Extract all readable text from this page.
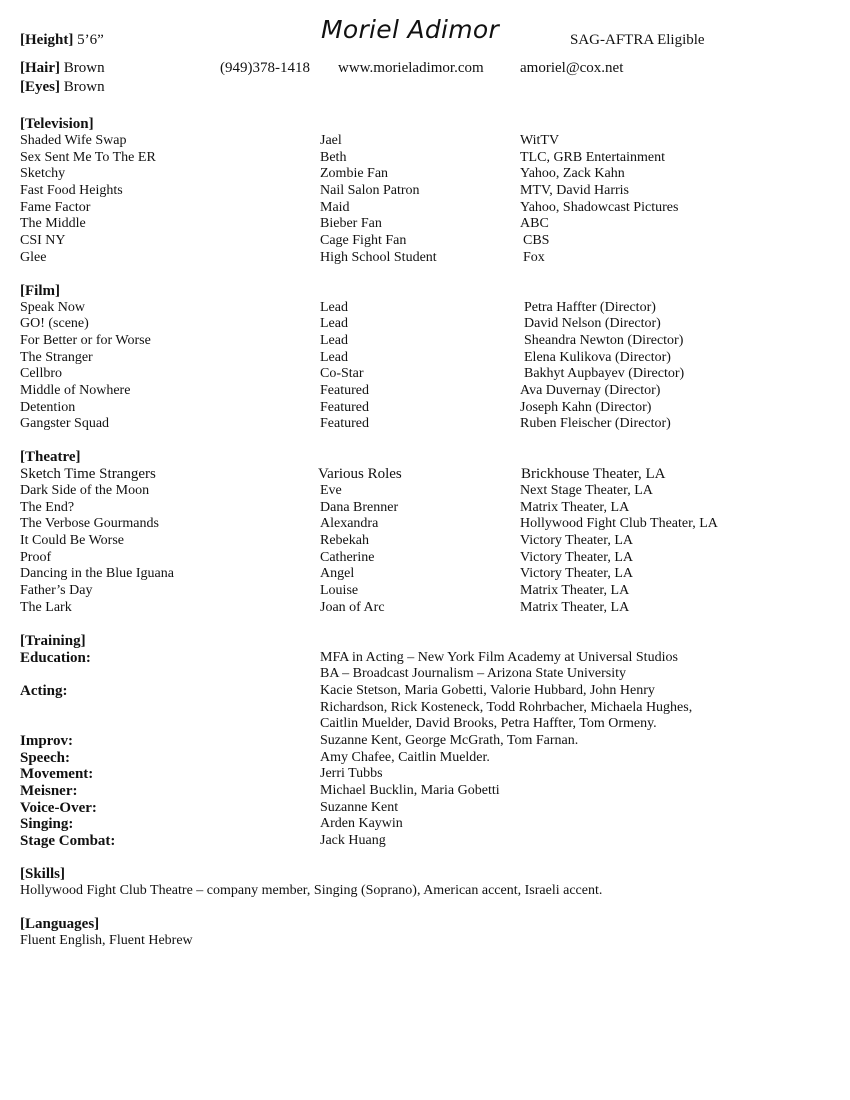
[Height] 5’6”	Moriel Adimor	SAG-AFTRA Eligible
[Hair] Brown	(949)378-1418 www.morieladimor.com amoriel@cox.net
[Eyes] Brown
[Television]
Shaded Wife Swap	Jael	WitTV
Sex Sent Me To The ER	Beth	TLC, GRB Entertainment
Sketchy	Zombie Fan	Yahoo, Zack Kahn
Fast Food Heights	Nail Salon Patron	MTV, David Harris
Fame Factor	Maid	Yahoo, Shadowcast Pictures
The Middle	Bieber Fan	ABC
CSI NY	Cage Fight Fan	CBS
Glee	High School Student	Fox
[Film]
Speak Now	Lead	Petra Haffter (Director)
GO! (scene)	Lead	David Nelson (Director)
For Better or for Worse	Lead	Sheandra Newton (Director)
The Stranger	Lead	Elena Kulikova (Director)
Cellbro	Co-Star	Bakhyt Aupbayev (Director)
Middle of Nowhere	Featured	Ava Duvernay (Director)
Detention	Featured	Joseph Kahn (Director)
Gangster Squad	Featured	Ruben Fleischer (Director)
[Theatre]
Sketch Time Strangers	Various Roles	Brickhouse Theater, LA
Dark Side of the Moon	Eve	Next Stage Theater, LA
The End?	Dana Brenner	Matrix Theater, LA
The Verbose Gourmands	Alexandra	Hollywood Fight Club Theater, LA
It Could Be Worse	Rebekah	Victory Theater, LA
Proof	Catherine	Victory Theater, LA
Dancing in the Blue Iguana	Angel	Victory Theater, LA
Father’s Day	Louise	Matrix Theater, LA
The Lark	Joan of Arc	Matrix Theater, LA
[Training]
Education:	MFA in Acting – New York Film Academy at Universal Studios
BA – Broadcast Journalism – Arizona State University
Acting:	Kacie Stetson, Maria Gobetti, Valorie Hubbard, John Henry
Richardson, Rick Kosteneck, Todd Rohrbacher, Michaela Hughes,
Caitlin Muelder, David Brooks, Petra Haffter, Tom Ormeny.
Improv:	Suzanne Kent, George McGrath, Tom Farnan.
Speech:	Amy Chafee, Caitlin Muelder.
Movement:	Jerri Tubbs
Meisner:	Michael Bucklin, Maria Gobetti
Voice-Over:	Suzanne Kent
Singing:	Arden Kaywin
Stage Combat:	Jack Huang
[Skills]
Hollywood Fight Club Theatre – company member, Singing (Soprano), American accent, Israeli accent.
[Languages]
Fluent English, Fluent Hebrew
